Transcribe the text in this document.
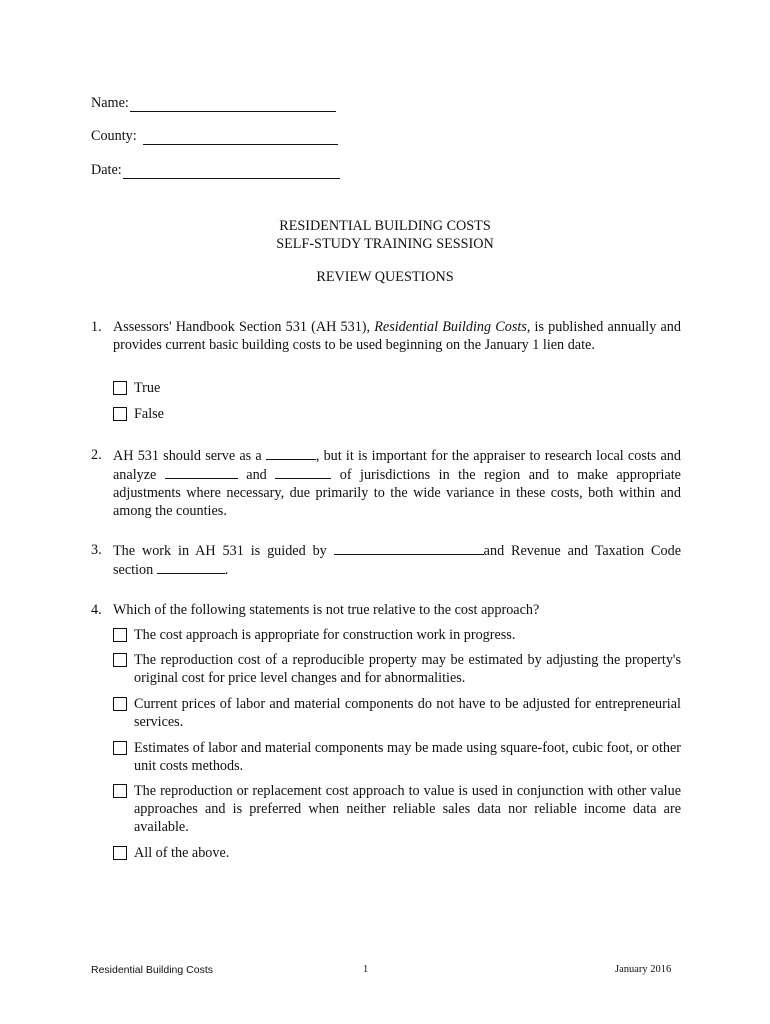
Name:
County:
Date:
RESIDENTIAL BUILDING COSTS
SELF-STUDY TRAINING SESSION
REVIEW QUESTIONS
1. Assessors' Handbook Section 531 (AH 531), Residential Building Costs, is published annually and provides current basic building costs to be used beginning on the January 1 lien date.
True
False
2. AH 531 should serve as a	, but it is important for the appraiser to research local costs and analyze	and	of jurisdictions in the region and to make appropriate adjustments where necessary, due primarily to the wide variance in these costs, both within and among the counties.
3. The work in AH 531 is guided by	and Revenue and Taxation Code section	.
4. Which of the following statements is not true relative to the cost approach?
The cost approach is appropriate for construction work in progress.
The reproduction cost of a reproducible property may be estimated by adjusting the property's original cost for price level changes and for abnormalities.
Current prices of labor and material components do not have to be adjusted for entrepreneurial services.
Estimates of labor and material components may be made using square-foot, cubic foot, or other unit costs methods.
The reproduction or replacement cost approach to value is used in conjunction with other value approaches and is preferred when neither reliable sales data nor reliable income data are available.
All of the above.
Residential Building Costs	1	January 2016
